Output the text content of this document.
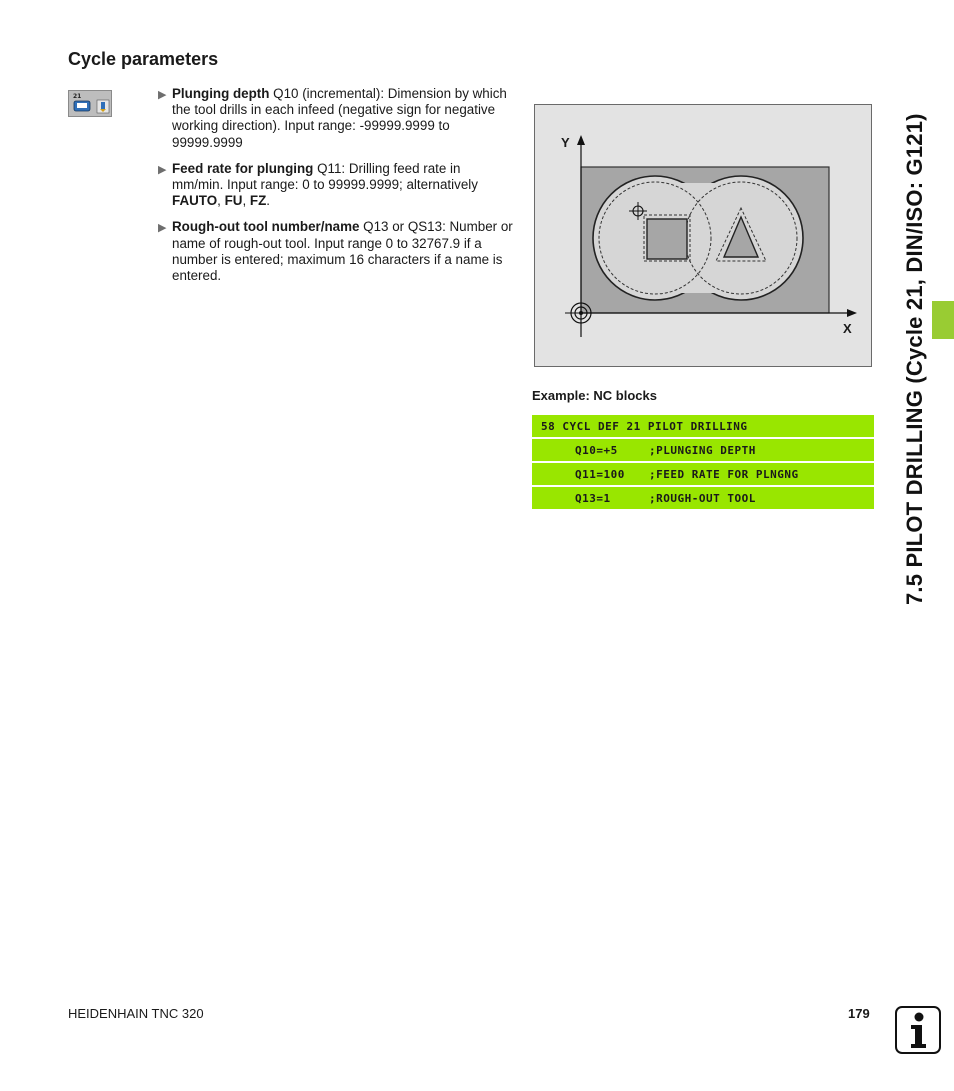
Cycle parameters
21	▶ Plunging depth Q10 (incremental): Dimension by which the tool drills in each infeed (negative sign for negative working direction). Input range: -99999.9999 to 99999.9999
▶ Feed rate for plunging Q11: Drilling feed rate in mm/min. Input range: 0 to 99999.9999; alternatively FAUTO, FU, FZ.
▶ Rough-out tool number/name Q13 or QS13: Number or name of rough-out tool. Input range 0 to 32767.9 if a number is entered; maximum 16 characters if a name is entered.
Y
X
Example: NC blocks
58 CYCL DEF 21 PILOT DRILLING
Q10=+5	;PLUNGING DEPTH
Q11=100	;FEED RATE FOR PLNGNG
Q13=1	;ROUGH-OUT TOOL	7.5 PILOT DRILLING (Cycle 21, DIN/ISO: G121)
HEIDENHAIN TNC 320	179
